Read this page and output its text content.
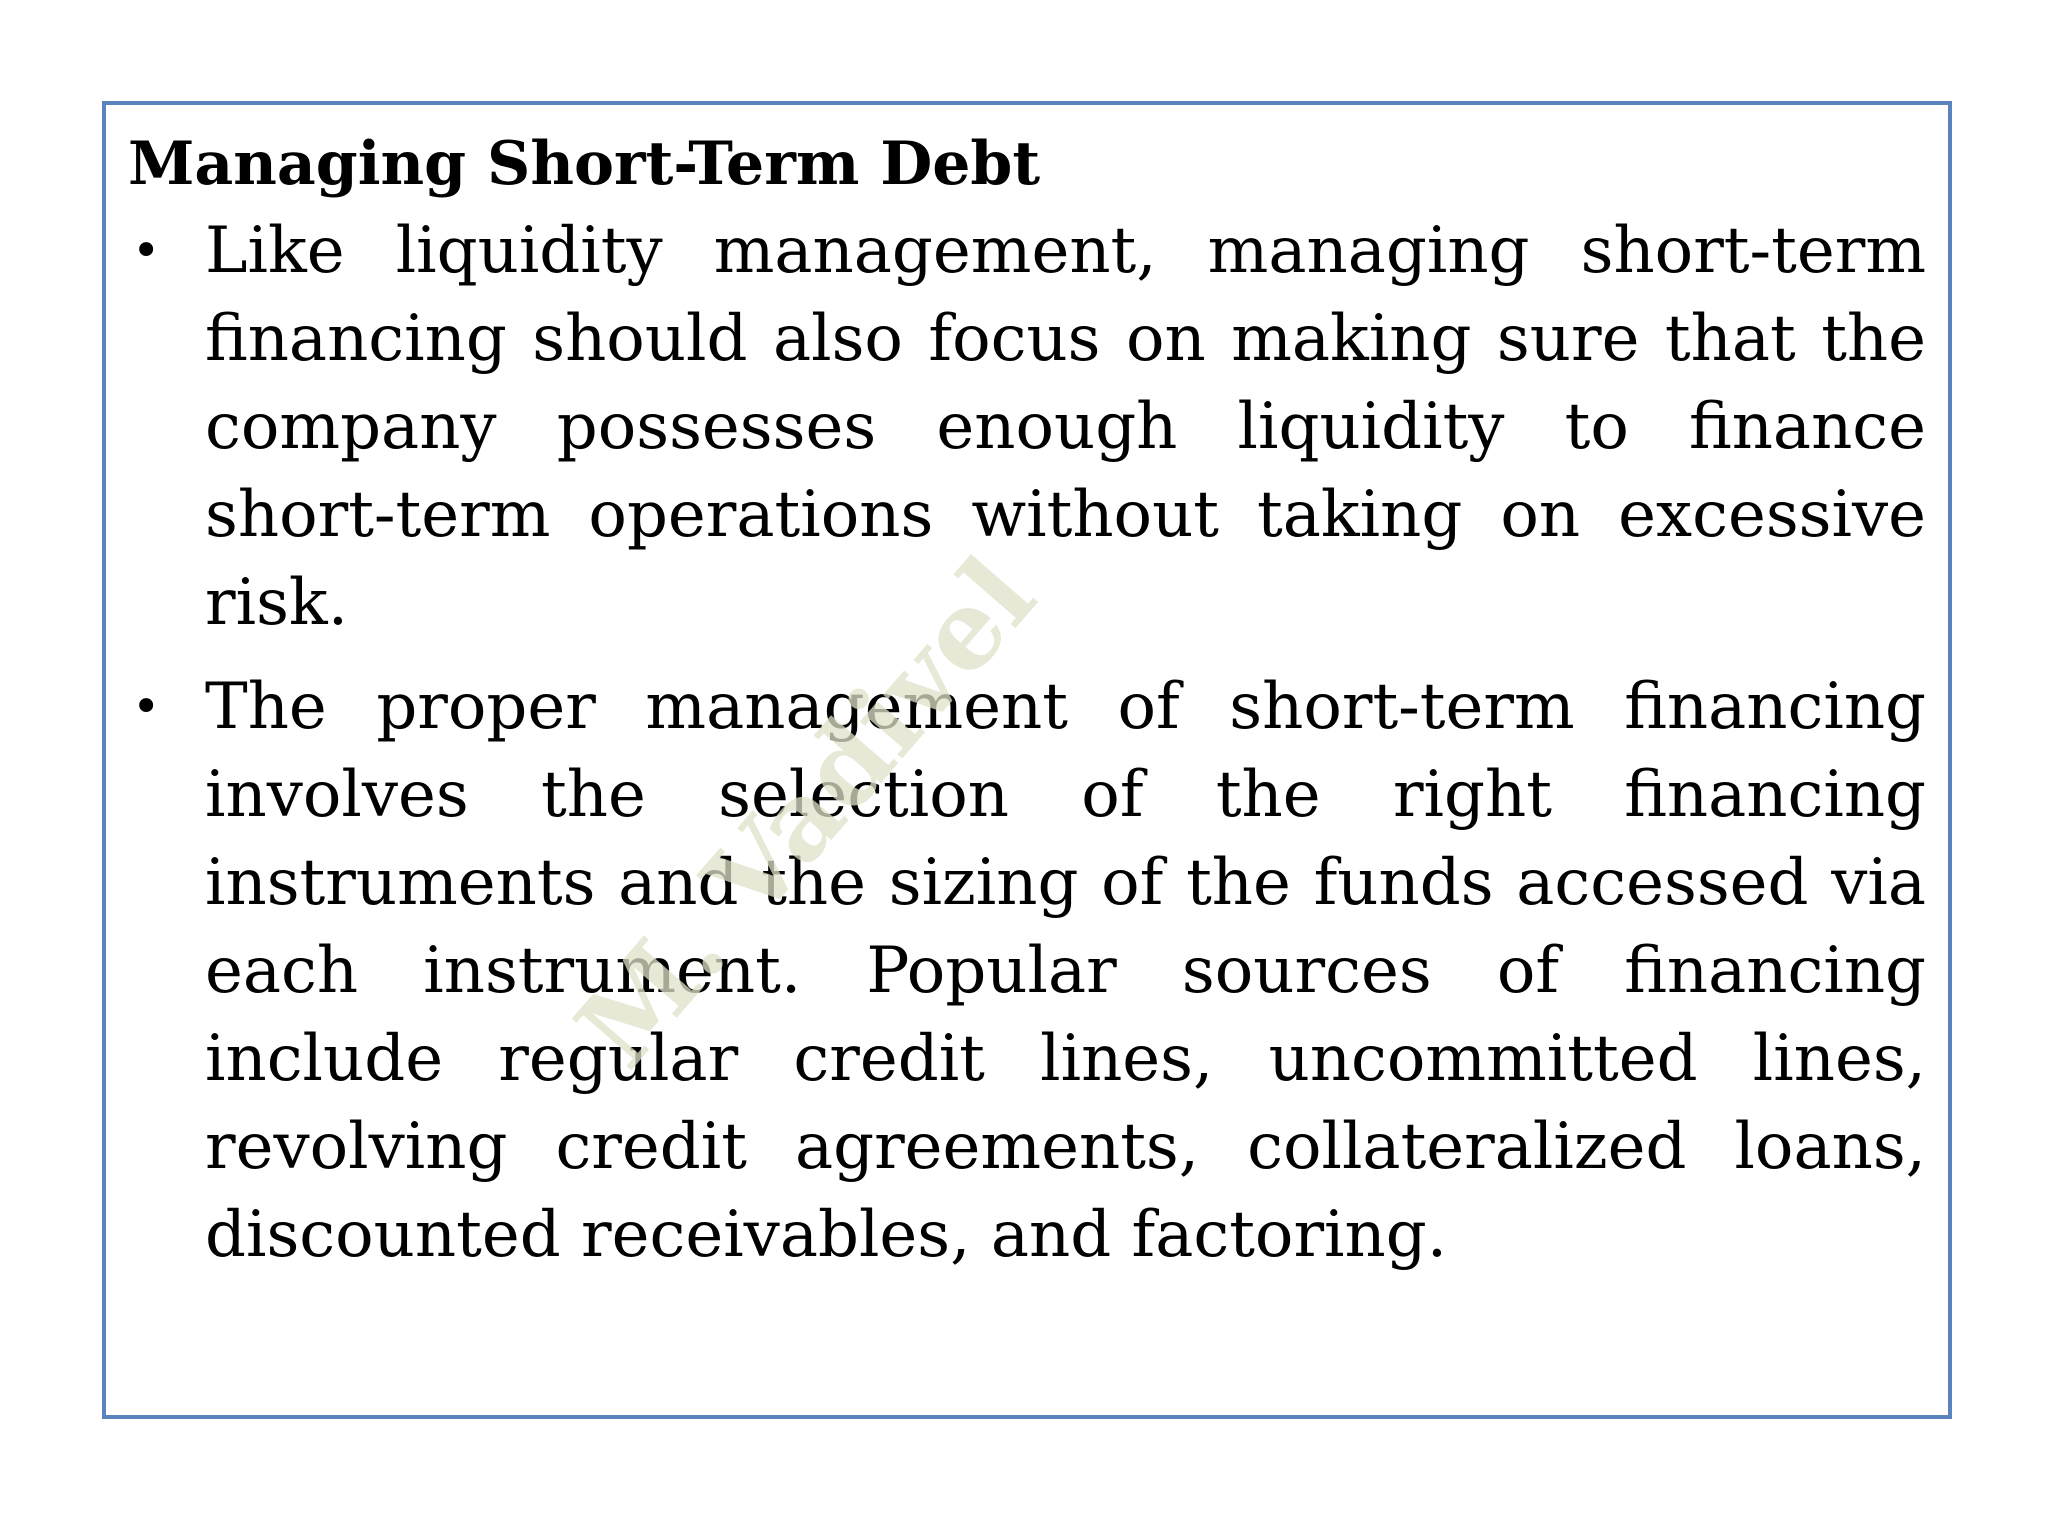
Managing Short-Term Debt
• Like liquidity management, managing short-term financing should also focus on making sure that the company possesses enough liquidity to finance short-term operations without taking on excessive risk.
• The proper management of short-term financing involves the selection of the right financing instruments and the sizing of the funds accessed via each instrument. Popular sources of financing include regular credit lines, uncommitted lines, revolving credit agreements, collateralized loans, discounted receivables, and factoring.
M. Vadivel
